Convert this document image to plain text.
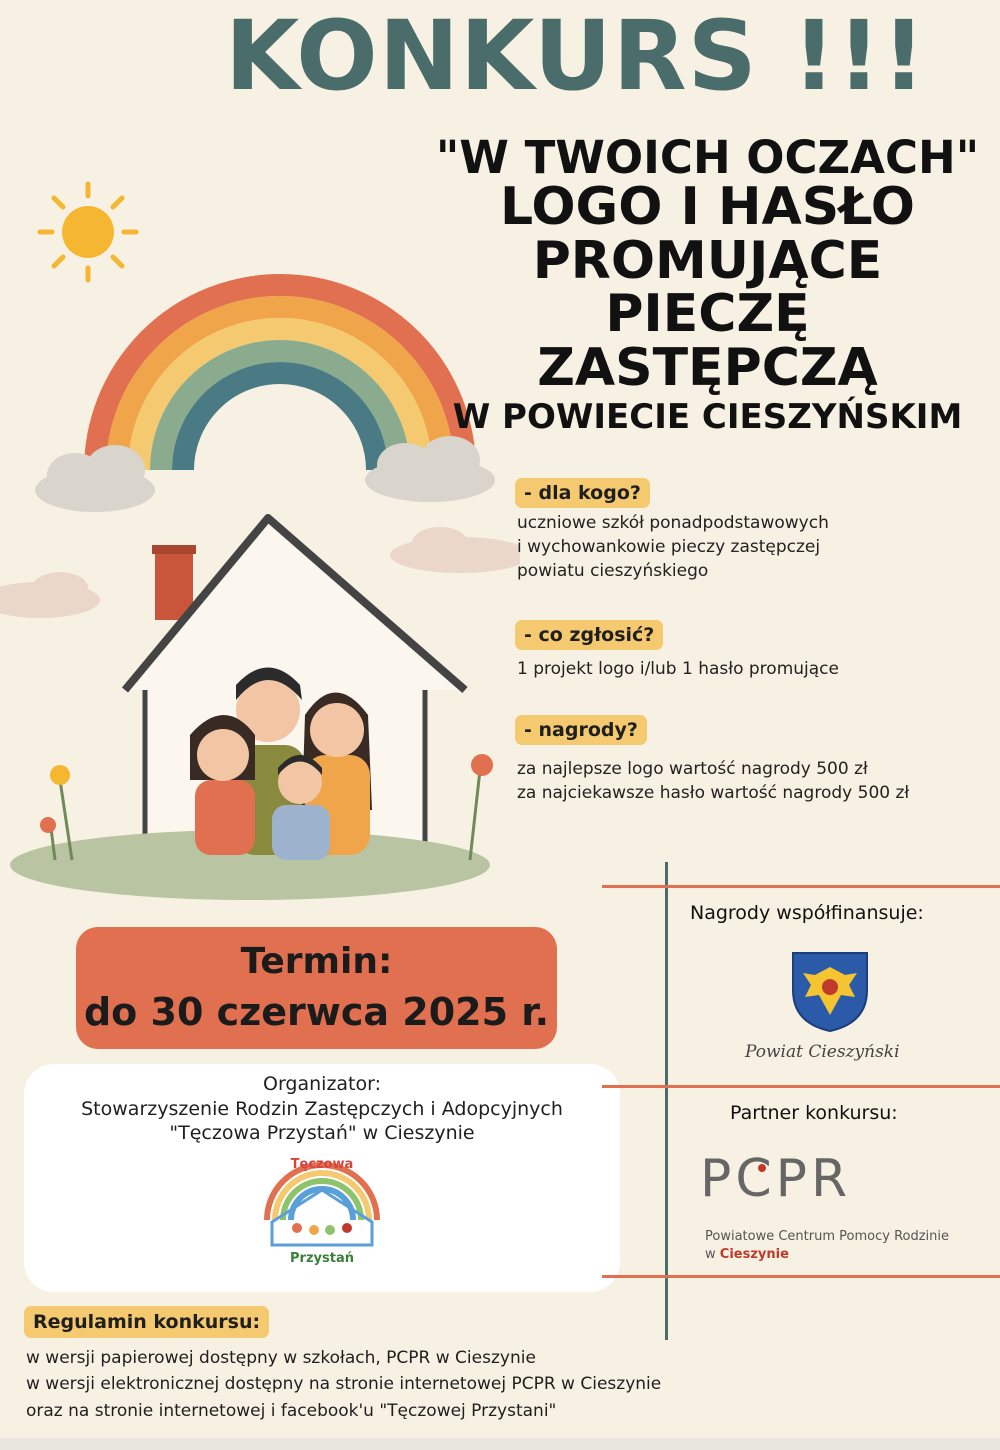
KONKURS !!!
"W TWOICH OCZACH"
LOGO I HASŁO
PROMUJĄCE
PIECZĘ ZASTĘPCZĄ
W POWIECIE CIESZYŃSKIM
- dla kogo?
uczniowe szkół ponadpodstawowych
i wychowankowie pieczy zastępczej
powiatu cieszyńskiego
- co zgłosić?
1 projekt logo i/lub 1 hasło promujące
- nagrody?
za najlepsze logo wartość nagrody 500 zł
za najciekawsze hasło wartość nagrody 500 zł
Termin:
do 30 czerwca 2025 r.
Organizator:
Stowarzyszenie Rodzin Zastępczych i Adopcyjnych
"Tęczowa Przystań" w Cieszynie
Tęczowa
Przystań
Nagrody współfinansuje:
Powiat Cieszyński
Partner konkursu:
PCPR
Powiatowe Centrum Pomocy Rodzinie
w Cieszynie
Regulamin konkursu:
w wersji papierowej dostępny w szkołach, PCPR w Cieszynie
w wersji elektronicznej dostępny na stronie internetowej PCPR w Cieszynie
oraz na stronie internetowej i facebook'u "Tęczowej Przystani"
